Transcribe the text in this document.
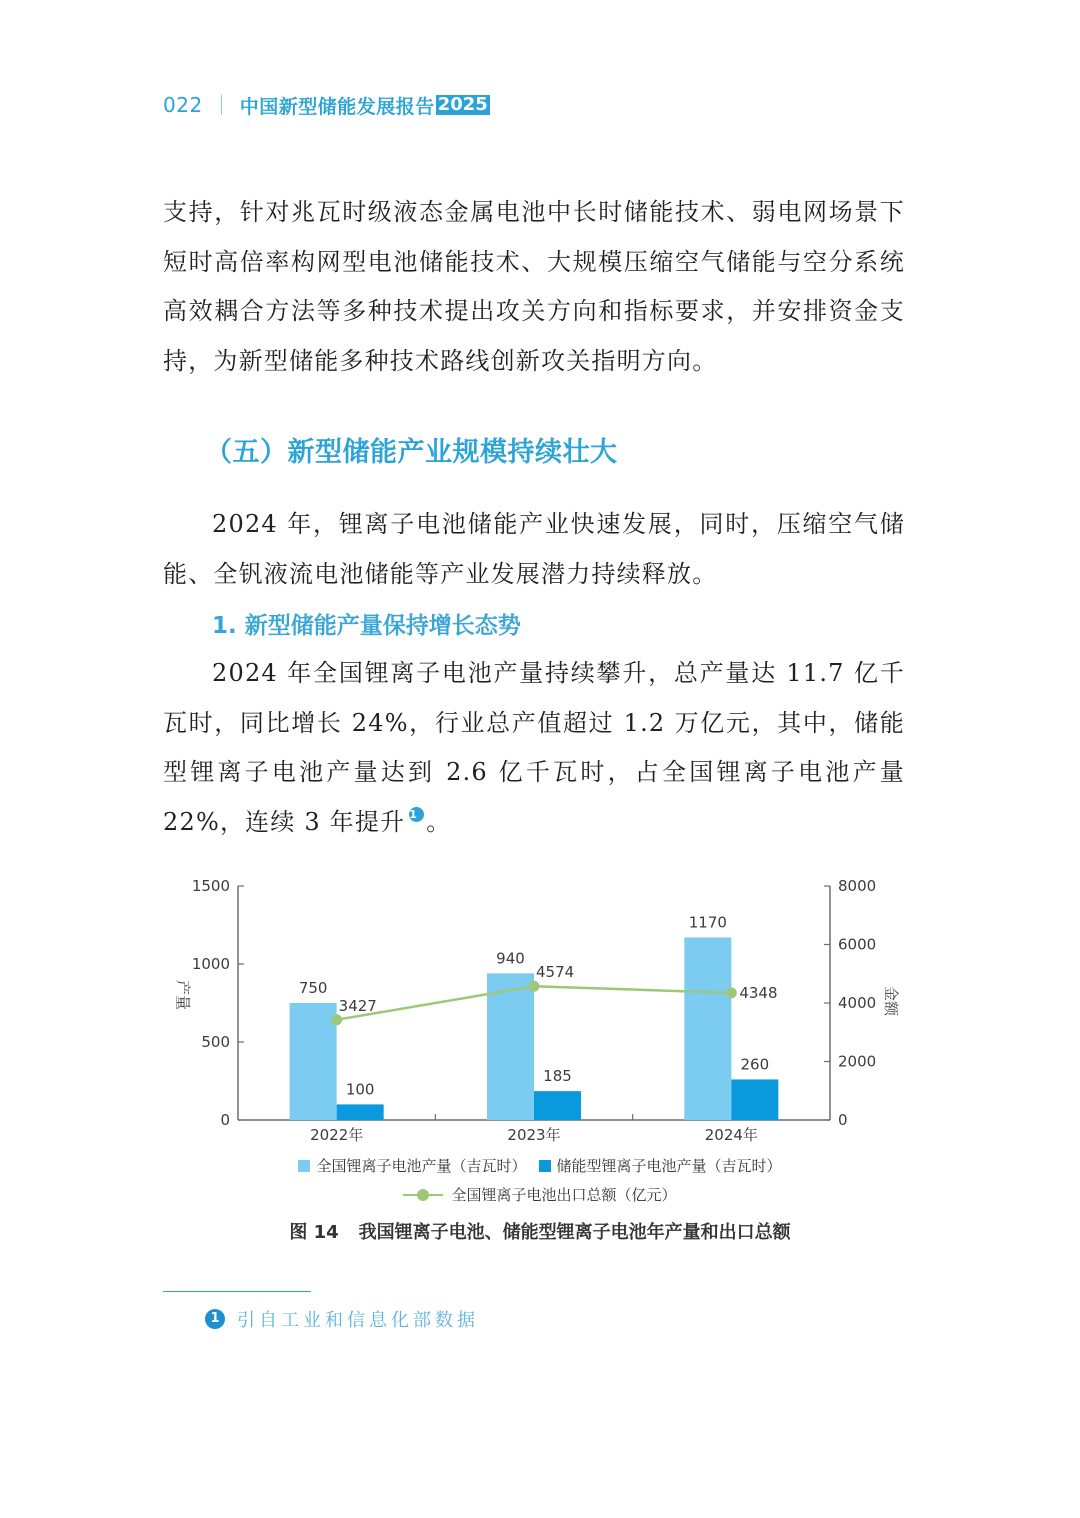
022 中国新型储能发展报告 2025

支持，针对兆瓦时级液态金属电池中长时储能技术、弱电网场景下短时高倍率构网型电池储能技术、大规模压缩空气储能与空分系统高效耦合方法等多种技术提出攻关方向和指标要求，并安排资金支持，为新型储能多种技术路线创新攻关指明方向。

（五）新型储能产业规模持续壮大

2024 年，锂离子电池储能产业快速发展，同时，压缩空气储能、全钒液流电池储能等产业发展潜力持续释放。

1. 新型储能产量保持增长态势

2024 年全国锂离子电池产量持续攀升，总产量达 11.7 亿千瓦时，同比增长 24%，行业总产值超过 1.2 万亿元，其中，储能型锂离子电池产量达到 2.6 亿千瓦时，占全国锂离子电池产量 22%，连续 3 年提升 1 。

0
500
1000
1500
0
2000
4000
6000
8000
产量	金额
2022年
750
100
2023年
940
185
2024年
1170
260
3427
4574
4348
全国锂离子电池产量（吉瓦时） 储能型锂离子电池产量（吉瓦时）
全国锂离子电池出口总额（亿元）
图 14 我国锂离子电池、储能型锂离子电池年产量和出口总额
1 引自工业和信息化部数据
